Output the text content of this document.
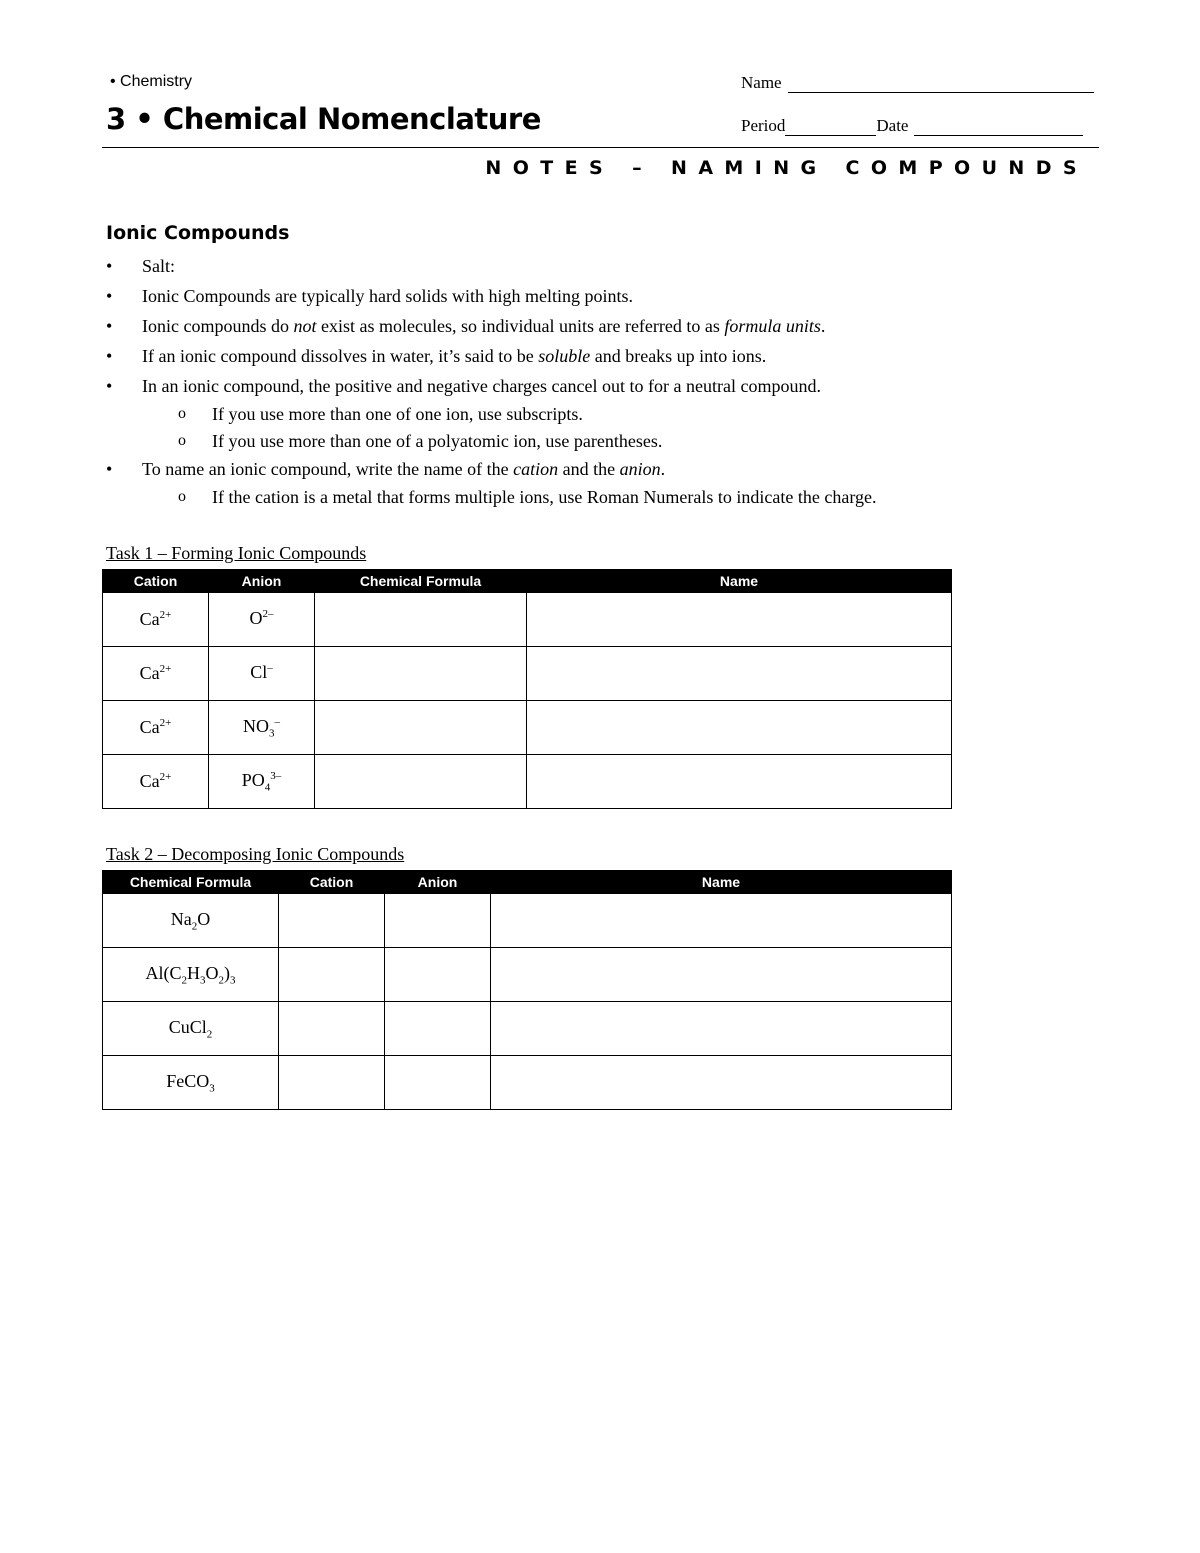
• Chemistry
3 • Chemical Nomenclature
Name
Period	Date
NOTES – NAMING COMPOUNDS
Ionic Compounds
• Salt:
• Ionic Compounds are typically hard solids with high melting points.
• Ionic compounds do not exist as molecules, so individual units are referred to as formula units.
• If an ionic compound dissolves in water, it’s said to be soluble and breaks up into ions.
• In an ionic compound, the positive and negative charges cancel out to for a neutral compound.
o If you use more than one of one ion, use subscripts.
o If you use more than one of a polyatomic ion, use parentheses.
• To name an ionic compound, write the name of the cation and the anion.
o If the cation is a metal that forms multiple ions, use Roman Numerals to indicate the charge.
Task 1 – Forming Ionic Compounds
Cation	Anion	Chemical Formula	Name
$Ca^{2+}$	$O^{2-}$		
$Ca^{2+}$	Cl–		
$Ca^{2+}$	$NO_3^-$		
$Ca^{2+}$	$PO_4^{3-}$		
Task 2 – Decomposing Ionic Compounds
Chemical Formula	Cation	Anion	Name
$Na_2O$			
$Al(C_2H_3O_2)_3$			
CuCl$_2$			
FeCO$_3$			
